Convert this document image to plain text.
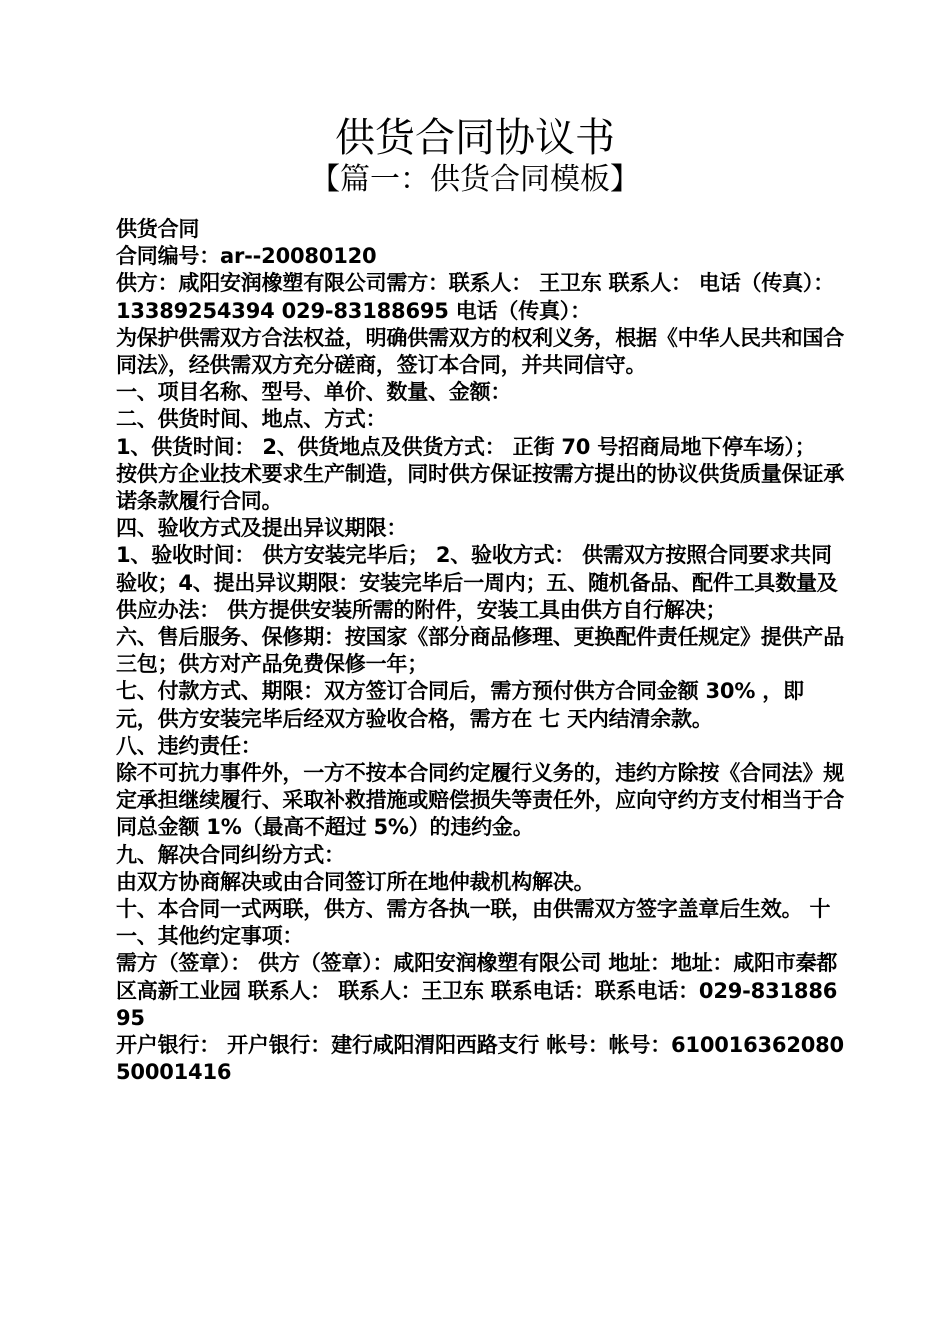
供货合同协议书
【篇一：供货合同模板】

供货合同

合同编号：ar--20080120

供方：咸阳安润橡塑有限公司需方：联系人： 王卫东 联系人： 电话（传真）：13389254394 029-83188695 电话（传真）：

为保护供需双方合法权益，明确供需双方的权利义务，根据《中华人民共和国合同法》，经供需双方充分磋商，签订本合同，并共同信守。

一、项目名称、型号、单价、数量、金额：

二、供货时间、地点、方式：

1、供货时间： 2、供货地点及供货方式： 正街 70 号招商局地下停车场）；

按供方企业技术要求生产制造，同时供方保证按需方提出的协议供货质量保证承诺条款履行合同。

四、验收方式及提出异议期限：

1、验收时间： 供方安装完毕后； 2、验收方式： 供需双方按照合同要求共同验收；4、提出异议期限：安装完毕后一周内；五、随机备品、配件工具数量及供应办法： 供方提供安装所需的附件，安装工具由供方自行解决；

六、售后服务、保修期：按国家《部分商品修理、更换配件责任规定》提供产品三包；供方对产品免费保修一年；

七、付款方式、期限：双方签订合同后，需方预付供方合同金额 30% ，即元，供方安装完毕后经双方验收合格，需方在 七 天内结清余款。

八、违约责任：

除不可抗力事件外，一方不按本合同约定履行义务的，违约方除按《合同法》规定承担继续履行、采取补救措施或赔偿损失等责任外，应向守约方支付相当于合同总金额 1%（最高不超过 5%）的违约金。

九、解决合同纠纷方式：

由双方协商解决或由合同签订所在地仲裁机构解决。

十、本合同一式两联，供方、需方各执一联，由供需双方签字盖章后生效。 十一、其他约定事项：

需方（签章）： 供方（签章）：咸阳安润橡塑有限公司 地址：地址：咸阳市秦都区高新工业园 联系人： 联系人：王卫东 联系电话：联系电话：029-83188695

开户银行： 开户银行：建行咸阳渭阳西路支行 帐号：帐号：6100163620805000141​6
